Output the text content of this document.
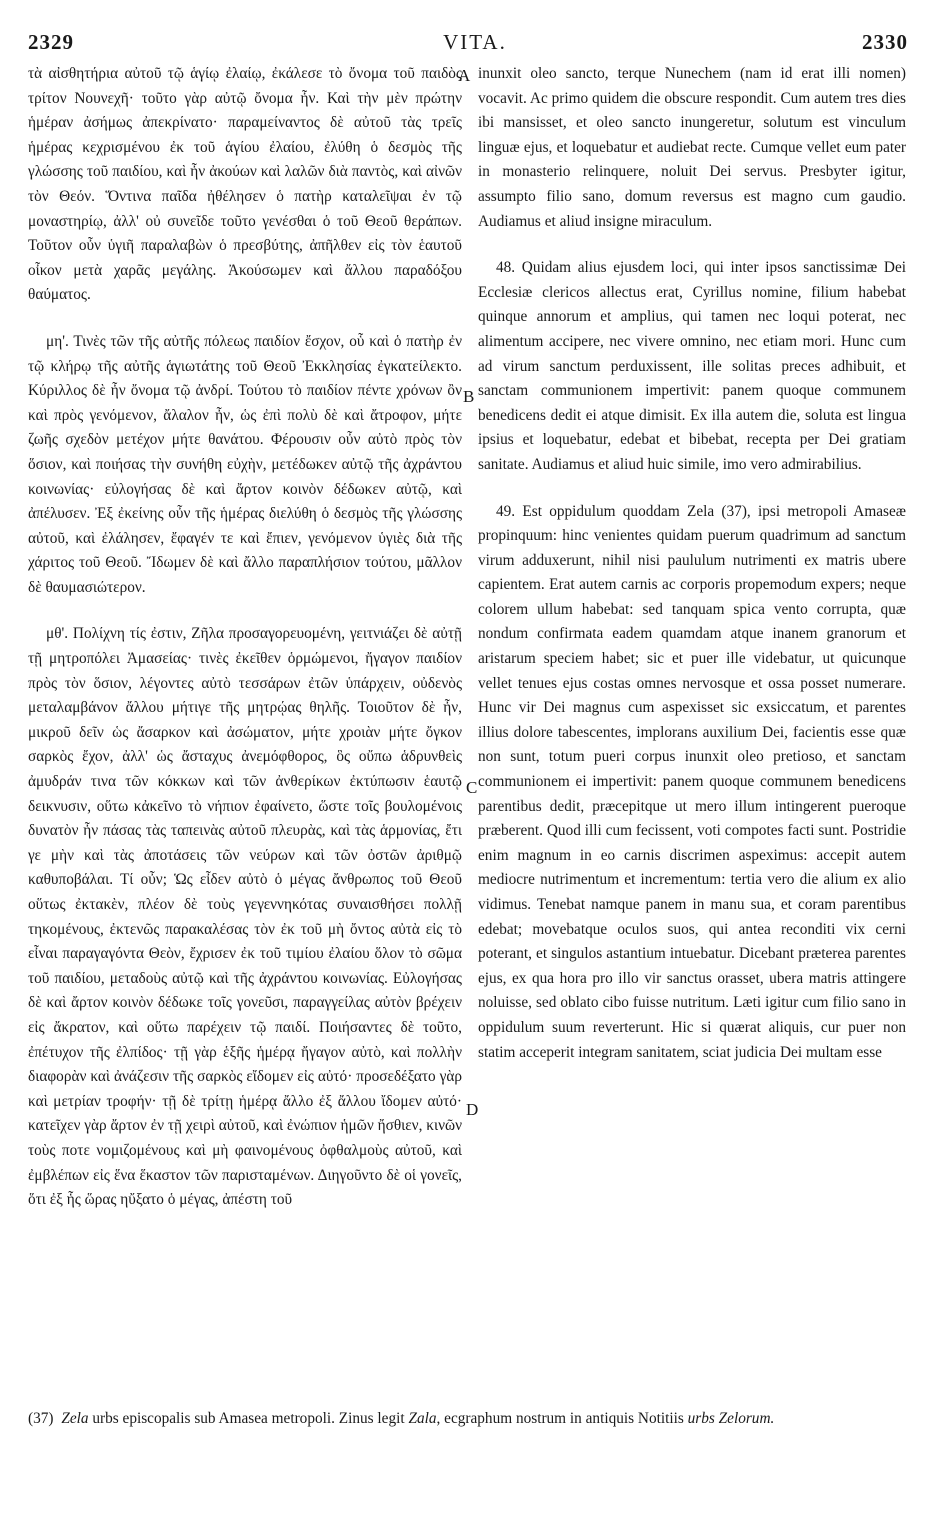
2329	VITA.	2330

τὰ αἰσθητήρια αὐτοῦ τῷ ἁγίῳ ἐλαίῳ, ἐκάλεσε τὸ ὄνομα τοῦ παιδὸς τρίτον Νουνεχῆ· τοῦτο γὰρ αὐτῷ ὄνομα ἦν. Καὶ τὴν μὲν πρώτην ἡμέραν ἀσήμως ἀπεκρίνατο· παραμείναντος δὲ αὐτοῦ τὰς τρεῖς ἡμέρας κεχρισμένου ἐκ τοῦ ἁγίου ἐλαίου, ἐλύθη ὁ δεσμὸς τῆς γλώσσης τοῦ παιδίου, καὶ ἦν ἀκούων καὶ λαλῶν διὰ παντὸς, καὶ αἰνῶν τὸν Θεόν. Ὅντινα παῖδα ἠθέλησεν ὁ πατὴρ καταλεῖψαι ἐν τῷ μοναστηρίῳ, ἀλλ' οὐ συνεῖδε τοῦτο γενέσθαι ὁ τοῦ Θεοῦ θεράπων. Τοῦτον οὖν ὑγιῆ παραλαβὼν ὁ πρεσβύτης, ἀπῆλθεν εἰς τὸν ἑαυτοῦ οἶκον μετὰ χαρᾶς μεγάλης. Ἀκούσωμεν καὶ ἄλλου παραδόξου θαύματος.

μη'. Τινὲς τῶν τῆς αὐτῆς πόλεως παιδίον ἔσχον, οὗ καὶ ὁ πατὴρ ἐν τῷ κλήρῳ τῆς αὐτῆς ἁγιωτάτης τοῦ Θεοῦ Ἐκκλησίας ἐγκατείλεκτο. Κύριλλος δὲ ἦν ὄνομα τῷ ἀνδρί. Τούτου τὸ παιδίον πέντε χρόνων ὂν καὶ πρὸς γενόμενον, ἄλαλον ἦν, ὡς ἐπὶ πολὺ δὲ καὶ ἄτροφον, μήτε ζωῆς σχεδὸν μετέχον μήτε θανάτου. Φέρουσιν οὖν αὐτὸ πρὸς τὸν ὅσιον, καὶ ποιήσας τὴν συνήθη εὐχὴν, μετέδωκεν αὐτῷ τῆς ἀχράντου κοινωνίας· εὐλογήσας δὲ καὶ ἄρτον κοινὸν δέδωκεν αὐτῷ, καὶ ἀπέλυσεν. Ἐξ ἐκείνης οὖν τῆς ἡμέρας διελύθη ὁ δεσμὸς τῆς γλώσσης αὐτοῦ, καὶ ἐλάλησεν, ἔφαγέν τε καὶ ἔπιεν, γενόμενον ὑγιὲς διὰ τῆς χάριτος τοῦ Θεοῦ. Ἴδωμεν δὲ καὶ ἄλλο παραπλήσιον τούτου, μᾶλλον δὲ θαυμασιώτερον.

μθ'. Πολίχνη τίς ἐστιν, Ζῆλα προσαγορευομένη, γειτνιάζει δὲ αὐτῇ τῇ μητροπόλει Ἀμασείας· τινὲς ἐκεῖθεν ὁρμώμενοι, ἤγαγον παιδίον πρὸς τὸν ὅσιον, λέγοντες αὐτὸ τεσσάρων ἐτῶν ὑπάρχειν, οὐδενὸς μεταλαμβάνον ἄλλου μήτιγε τῆς μητρῴας θηλῆς. Τοιοῦτον δὲ ἦν, μικροῦ δεῖν ὡς ἄσαρκον καὶ ἀσώματον, μήτε χροιὰν μήτε ὄγκον σαρκὸς ἔχον, ἀλλ' ὡς ἄσταχυς ἀνεμόφθορος, ὃς οὔπω ἁδρυνθεὶς ἀμυδράν τινα τῶν κόκκων καὶ τῶν ἀνθερίκων ἐκτύπωσιν ἑαυτῷ δεικνυσιν, οὕτω κἀκεῖνο τὸ νήπιον ἐφαίνετο, ὥστε τοῖς βουλομένοις δυνατὸν ἦν πάσας τὰς ταπεινὰς αὐτοῦ πλευρὰς, καὶ τὰς ἁρμονίας, ἔτι γε μὴν καὶ τὰς ἀποτάσεις τῶν νεύρων καὶ τῶν ὀστῶν ἀριθμῷ καθυποβάλαι. Τί οὖν; Ὡς εἶδεν αὐτὸ ὁ μέγας ἄνθρωπος τοῦ Θεοῦ οὕτως ἐκτακὲν, πλέον δὲ τοὺς γεγεννηκότας συναισθήσει πολλῇ τηκομένους, ἐκτενῶς παρακαλέσας τὸν ἐκ τοῦ μὴ ὄντος αὐτὰ εἰς τὸ εἶναι παραγαγόντα Θεὸν, ἔχρισεν ἐκ τοῦ τιμίου ἐλαίου ὅλον τὸ σῶμα τοῦ παιδίου, μεταδοὺς αὐτῷ καὶ τῆς ἀχράντου κοινωνίας. Εὐλογήσας δὲ καὶ ἄρτον κοινὸν δέδωκε τοῖς γονεῦσι, παραγγείλας αὐτὸν βρέχειν εἰς ἄκρατον, καὶ οὕτω παρέχειν τῷ παιδί. Ποιήσαντες δὲ τοῦτο, ἐπέτυχον τῆς ἐλπίδος· τῇ γὰρ ἑξῆς ἡμέρᾳ ἤγαγον αὐτὸ, καὶ πολλὴν διαφορὰν καὶ ἀνάζεσιν τῆς σαρκὸς εἴδομεν εἰς αὐτό· προσεδέξατο γὰρ καὶ μετρίαν τροφήν· τῇ δὲ τρίτῃ ἡμέρᾳ ἄλλο ἐξ ἄλλου ἴδομεν αὐτό· κατεῖχεν γὰρ ἄρτον ἐν τῇ χειρὶ αὐτοῦ, καὶ ἐνώπιον ἡμῶν ἤσθιεν, κινῶν τοὺς ποτε νομιζομένους καὶ μὴ φαινομένους ὀφθαλμοὺς αὐτοῦ, καὶ ἐμβλέπων εἰς ἕνα ἕκαστον τῶν παρισταμένων. Διηγοῦντο δὲ οἱ γονεῖς, ὅτι ἐξ ἧς ὥρας ηὔξατο ὁ μέγας, ἀπέστη τοῦ

inunxit oleo sancto, terque Nunechem (nam id erat illi nomen) vocavit. Ac primo quidem die obscure respondit. Cum autem tres dies ibi mansisset, et oleo sancto inungeretur, solutum est vinculum linguæ ejus, et loquebatur et audiebat recte. Cumque vellet eum pater in monasterio relinquere, noluit Dei servus. Presbyter igitur, assumpto filio sano, domum reversus est magno cum gaudio. Audiamus et aliud insigne miraculum.

48. Quidam alius ejusdem loci, qui inter ipsos sanctissimæ Dei Ecclesiæ clericos allectus erat, Cyrillus nomine, filium habebat quinque annorum et amplius, qui tamen nec loqui poterat, nec alimentum accipere, nec vivere omnino, nec etiam mori. Hunc cum ad virum sanctum perduxissent, ille solitas preces adhibuit, et sanctam communionem impertivit: panem quoque communem benedicens dedit ei atque dimisit. Ex illa autem die, soluta est lingua ipsius et loquebatur, edebat et bibebat, recepta per Dei gratiam sanitate. Audiamus et aliud huic simile, imo vero admirabilius.

49. Est oppidulum quoddam Zela (37), ipsi metropoli Amaseæ propinquum: hinc venientes quidam puerum quadrimum ad sanctum virum adduxerunt, nihil nisi paululum nutrimenti ex matris ubere capientem. Erat autem carnis ac corporis propemodum expers; neque colorem ullum habebat: sed tanquam spica vento corrupta, quæ nondum confirmata eadem quamdam atque inanem granorum et aristarum speciem habet; sic et puer ille videbatur, ut quicunque vellet tenues ejus costas omnes nervosque et ossa posset numerare. Hunc vir Dei magnus cum aspexisset sic exsiccatum, et parentes illius dolore tabescentes, implorans auxilium Dei, facientis esse quæ non sunt, totum pueri corpus inunxit oleo pretioso, et sanctam communionem ei impertivit: panem quoque communem benedicens parentibus dedit, præcepitque ut mero illum intingerent pueroque præberent. Quod illi cum fecissent, voti compotes facti sunt. Postridie enim magnum in eo carnis discrimen aspeximus: accepit autem mediocre nutrimentum et incrementum: tertia vero die alium ex alio vidimus. Tenebat namque panem in manu sua, et coram parentibus edebat; movebatque oculos suos, qui antea reconditi vix cerni poterant, et singulos astantium intuebatur. Dicebant præterea parentes ejus, ex qua hora pro illo vir sanctus orasset, ubera matris attingere noluisse, sed oblato cibo fuisse nutritum. Læti igitur cum filio sano in oppidulum suum reverterunt. Hic si quærat aliquis, cur puer non statim acceperit integram sanitatem, sciat judicia Dei multam esse

A
B
C
D
(37) Zela urbs episcopalis sub Amasea metropoli. Zinus legit Zala, ecgraphum nostrum in antiquis Notitiis urbs Zelorum.
